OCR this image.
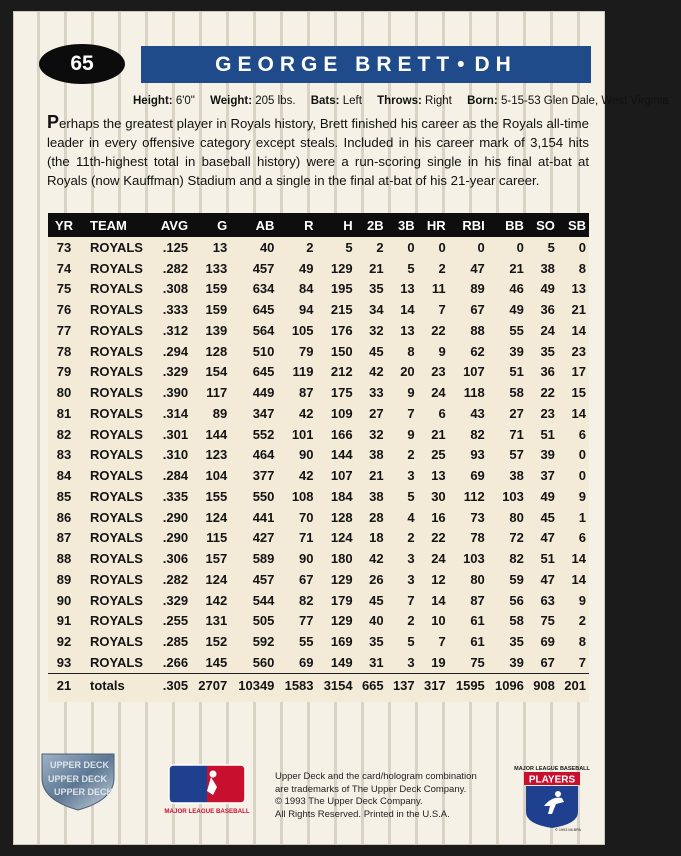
65	GEORGE BRETT • DH
Height: 6'0" Weight: 205 lbs. Bats: Left Throws: Right Born: 5-15-53 Glen Dale, West Virginia
Perhaps the greatest player in Royals history, Brett finished his career as the Royals all-time leader in every offensive category except steals. Included in his career mark of 3,154 hits (the 11th-highest total in baseball history) were a run-scoring single in his final at-bat at Royals (now Kauffman) Stadium and a single in the final at-bat of his 21-year career.
YR	TEAM	AVG	G	AB	R	H	2B	3B	HR	RBI	BB	SO	SB
73	ROYALS	.125	13	40	2	5	2	0	0	0	0	5	0
74	ROYALS	.282	133	457	49	129	21	5	2	47	21	38	8
75	ROYALS	.308	159	634	84	195	35	13	11	89	46	49	13
76	ROYALS	.333	159	645	94	215	34	14	7	67	49	36	21
77	ROYALS	.312	139	564	105	176	32	13	22	88	55	24	14
78	ROYALS	.294	128	510	79	150	45	8	9	62	39	35	23
79	ROYALS	.329	154	645	119	212	42	20	23	107	51	36	17
80	ROYALS	.390	117	449	87	175	33	9	24	118	58	22	15
81	ROYALS	.314	89	347	42	109	27	7	6	43	27	23	14
82	ROYALS	.301	144	552	101	166	32	9	21	82	71	51	6
83	ROYALS	.310	123	464	90	144	38	2	25	93	57	39	0
84	ROYALS	.284	104	377	42	107	21	3	13	69	38	37	0
85	ROYALS	.335	155	550	108	184	38	5	30	112	103	49	9
86	ROYALS	.290	124	441	70	128	28	4	16	73	80	45	1
87	ROYALS	.290	115	427	71	124	18	2	22	78	72	47	6
88	ROYALS	.306	157	589	90	180	42	3	24	103	82	51	14
89	ROYALS	.282	124	457	67	129	26	3	12	80	59	47	14
90	ROYALS	.329	142	544	82	179	45	7	14	87	56	63	9
91	ROYALS	.255	131	505	77	129	40	2	10	61	58	75	2
92	ROYALS	.285	152	592	55	169	35	5	7	61	35	69	8
93	ROYALS	.266	145	560	69	149	31	3	19	75	39	67	7
21	totals	.305	2707	10349	1583	3154	665	137	317	1595	1096	908	201
UPPER DECK
UPPER DECK
UPPER DECK
MAJOR LEAGUE BASEBALL
Upper Deck and the card/hologram combination
are trademarks of The Upper Deck Company.
© 1993 The Upper Deck Company.
All Rights Reserved. Printed in the U.S.A.
MAJOR LEAGUE BASEBALL
PLAYERS
© 1993 MLBPA
